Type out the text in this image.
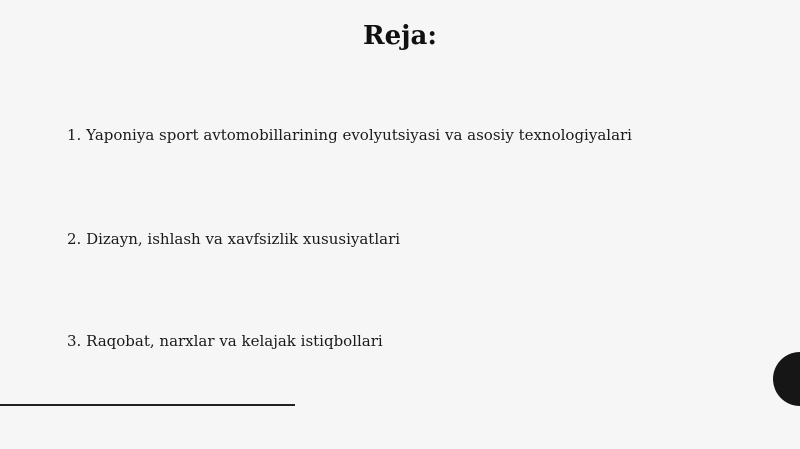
Reja:
1. Yaponiya sport avtomobillarining evolyutsiyasi va asosiy texnologiyalari
2. Dizayn, ishlash va xavfsizlik xususiyatlari
3. Raqobat, narxlar va kelajak istiqbollari
